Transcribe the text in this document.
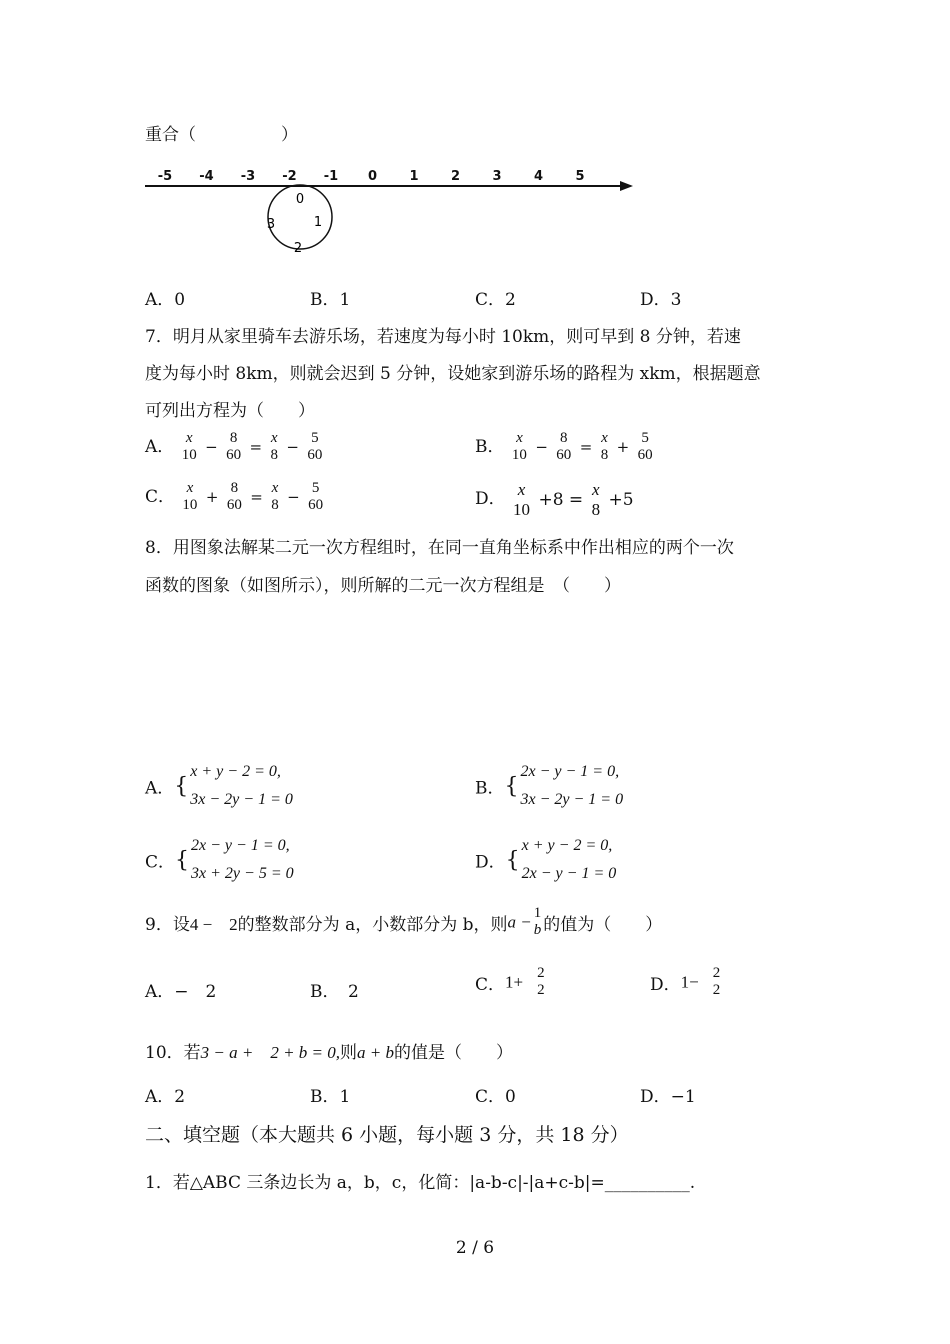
重合（　　　　　）
-5 -4 -3 -2 -1 0 1 2 3 4 5
0
1
2
3
A．0	B．1	C．2	D．3
7．明月从家里骑车去游乐场，若速度为每小时 10km，则可早到 8 分钟，若速
度为每小时 8km，则就会迟到 5 分钟，设她家到游乐场的路程为 xkm，根据题意
可列出方程为（　　）
A． x
10 −
8
60 =
x
8 −
5
60	B． x
10 −
8
60 =
x
8 +
5
60
C． x
10 +
8
60 =
x
8 −
5
60	D． x
10 +8 =
x
8 +5
8．用图象法解某二元一次方程组时，在同一直角坐标系中作出相应的两个一次
函数的图象（如图所示），则所解的二元一次方程组是　（　　）
A．{
x + y − 2 = 0,
3x − 2y − 1 = 0
B．{
2x − y − 1 = 0,
3x − 2y − 1 = 0
C．{
2x − y − 1 = 0,
3x + 2y − 5 = 0
D．{
x + y − 2 = 0,
2x − y − 1 = 0
9．设4 −　2的整数部分为 a，小数部分为 b，则a − 1
b 的值为（　　）
A．−　2	B．　2	C．1+ 2
2	D．1− 2
2
10．若3 − a +　2 + b = 0,则a + b的值是（　　）
A．2	B．1	C．0	D．−1
二、填空题（本大题共 6 小题，每小题 3 分，共 18 分）
1．若△ABC 三条边长为 a，b，c，化简：|a-b-c|-|a+c-b|=__________.
2 / 6
